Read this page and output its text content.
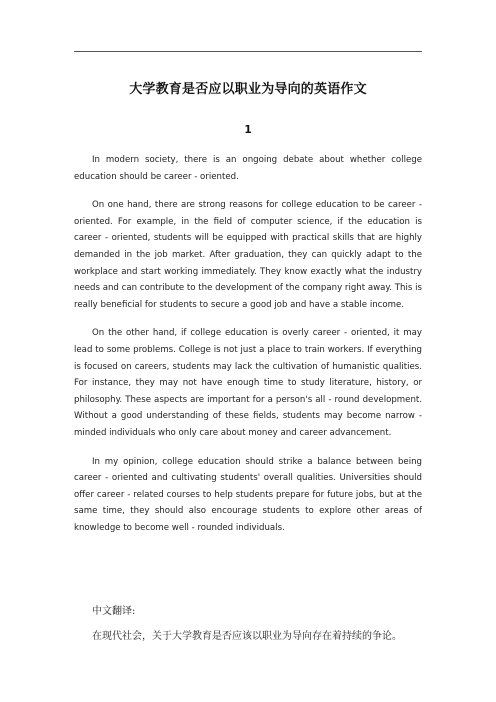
大学教育是否应以职业为导向的英语作文
1

In modern society, there is an ongoing debate about whether college education should be career - oriented.

On one hand, there are strong reasons for college education to be career - oriented. For example, in the field of computer science, if the education is career - oriented, students will be equipped with practical skills that are highly demanded in the job market. After graduation, they can quickly adapt to the workplace and start working immediately. They know exactly what the industry needs and can contribute to the development of the company right away. This is really beneficial for students to secure a good job and have a stable income.

On the other hand, if college education is overly career - oriented, it may lead to some problems. College is not just a place to train workers. If everything is focused on careers, students may lack the cultivation of humanistic qualities. For instance, they may not have enough time to study literature, history, or philosophy. These aspects are important for a person's all - round development. Without a good understanding of these fields, students may become narrow - minded individuals who only care about money and career advancement.

In my opinion, college education should strike a balance between being career - oriented and cultivating students' overall qualities. Universities should offer career - related courses to help students prepare for future jobs, but at the same time, they should also encourage students to explore other areas of knowledge to become well - rounded individuals.

中文翻译:
在现代社会，关于大学教育是否应该以职业为导向存在着持续的争论。
